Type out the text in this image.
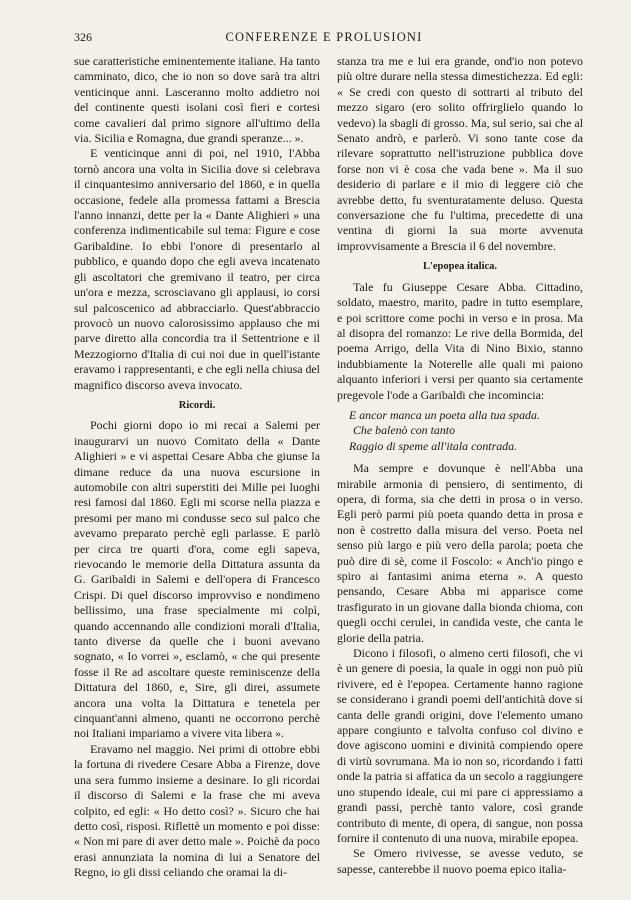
326	CONFERENZE E PROLUSIONI

sue caratteristiche eminentemente italiane. Ha tanto camminato, dico, che io non so dove sarà tra altri venticinque anni. Lasceranno molto addietro noi del continente questi isolani così fieri e cortesi come cavalieri dal primo signore all'ultimo della via. Sicilia e Romagna, due grandi speranze... ».

E venticinque anni di poi, nel 1910, l'Abba tornò ancora una volta in Sicilia dove si celebrava il cinquantesimo anniversario del 1860, e in quella occasione, fedele alla promessa fattami a Brescia l'anno innanzi, dette per la « Dante Alighieri » una conferenza indimenticabile sul tema: Figure e cose Garibaldine. Io ebbi l'onore di presentarlo al pubblico, e quando dopo che egli aveva incatenato gli ascoltatori che gremivano il teatro, per circa un'ora e mezza, scrosciavano gli applausi, io corsi sul palcoscenico ad abbracciarlo. Quest'abbraccio provocò un nuovo calorosissimo applauso che mi parve diretto alla concordia tra il Settentrione e il Mezzogiorno d'Italia di cui noi due in quell'istante eravamo i rappresentanti, e che egli nella chiusa del magnifico discorso aveva invocato.

Ricordi.

Pochi giorni dopo io mi recai a Salemi per inaugurarvi un nuovo Comitato della « Dante Alighieri » e vi aspettai Cesare Abba che giunse la dimane reduce da una nuova escursione in automobile con altri superstiti dei Mille pei luoghi resi famosi dal 1860. Egli mi scorse nella piazza e presomi per mano mi condusse seco sul palco che avevamo preparato perchè egli parlasse. E parlò per circa tre quarti d'ora, come egli sapeva, rievocando le memorie della Dittatura assunta da G. Garibaldi in Salemi e dell'opera di Francesco Crispi. Di quel discorso improvviso e nondimeno bellissimo, una frase specialmente mi colpì, quando accennando alle condizioni morali d'Italia, tanto diverse da quelle che i buoni avevano sognato, « Io vorrei », esclamò, « che qui presente fosse il Re ad ascoltare queste reminiscenze della Dittatura del 1860, e, Sire, gli direi, assumete ancora una volta la Dittatura e tenetela per cinquant'anni almeno, quanti ne occorrono perchè noi Italiani impariamo a vivere vita libera ».

Eravamo nel maggio. Nei primi di ottobre ebbi la fortuna di rivedere Cesare Abba a Firenze, dove una sera fummo insieme a desinare. Io gli ricordai il discorso di Salemi e la frase che mi aveva colpito, ed egli: « Ho detto così? ». Sicuro che hai detto così, risposi. Riflettè un momento e poi disse: « Non mi pare di aver detto male ». Poichè da poco erasi annunziata la nomina di lui a Senatore del Regno, io gli dissi celiando che oramai la di-

stanza tra me e lui era grande, ond'io non potevo più oltre durare nella stessa dimestichezza. Ed egli: « Se credi con questo di sottrarti al tributo del mezzo sigaro (ero solito offrirglielo quando lo vedevo) la sbagli di grosso. Ma, sul serio, sai che al Senato andrò, e parlerò. Vi sono tante cose da rilevare soprattutto nell'istruzione pubblica dove forse non vi è cosa che vada bene ». Ma il suo desiderio di parlare e il mio di leggere ciò che avrebbe detto, fu sventuratamente deluso. Questa conversazione che fu l'ultima, precedette di una ventina di giorni la sua morte avvenuta improvvisamente a Brescia il 6 del novembre.

L'epopea italica.

Tale fu Giuseppe Cesare Abba. Cittadino, soldato, maestro, marito, padre in tutto esemplare, e poi scrittore come pochi in verso e in prosa. Ma al disopra del romanzo: Le rive della Bormida, del poema Arrigo, della Vita di Nino Bixio, stanno indubbiamente la Noterelle alle quali mi paiono alquanto inferiori i versi per quanto sia certamente pregevole l'ode a Garibaldi che incomincia:

E ancor manca un poeta alla tua spada.
Che balenò con tanto
Raggio di speme all'itala contrada.

Ma sempre e dovunque è nell'Abba una mirabile armonia di pensiero, di sentimento, di opera, di forma, sia che detti in prosa o in verso. Egli però parmi più poeta quando detta in prosa e non è costretto dalla misura del verso. Poeta nel senso più largo e più vero della parola; poeta che può dire di sè, come il Foscolo: « Anch'io pingo e spiro ai fantasimi anima eterna ». A questo pensando, Cesare Abba mi apparisce come trasfigurato in un giovane dalla bionda chioma, con quegli occhi cerulei, in candida veste, che canta le glorie della patria.

Dicono i filosofi, o almeno certi filosofi, che vi è un genere di poesia, la quale in oggi non può più rivivere, ed è l'epopea. Certamente hanno ragione se considerano i grandi poemi dell'antichità dove si canta delle grandi origini, dove l'elemento umano appare congiunto e talvolta confuso col divino e dove agiscono uomini e divinità compiendo opere di virtù sovrumana. Ma io non so, ricordando i fatti onde la patria si affatica da un secolo a raggiungere uno stupendo ideale, cui mi pare ci appressiamo a grandi passi, perchè tanto valore, così grande contributo di mente, di opera, di sangue, non possa fornire il contenuto di una nuova, mirabile epopea.

Se Omero rivivesse, se avesse veduto, se sapesse, canterebbe il nuovo poema epico italia-
